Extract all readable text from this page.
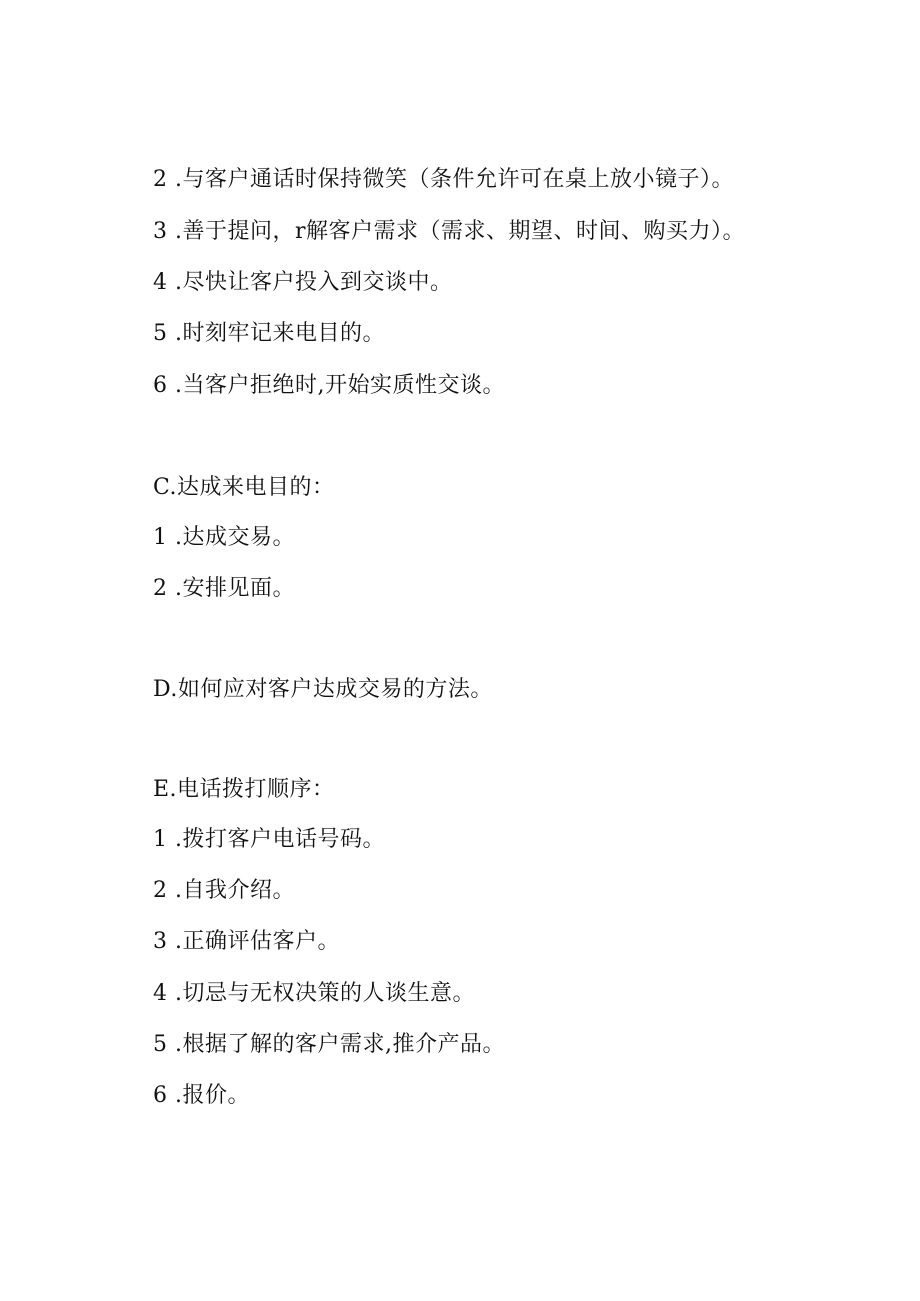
2 .与客户通话时保持微笑（条件允许可在桌上放小镜子）。
3 .善于提问，r解客户需求（需求、期望、时间、购买力）。
4 .尽快让客户投入到交谈中。
5 .时刻牢记来电目的。
6 .当客户拒绝时,开始实质性交谈。
C.达成来电目的：
1 .达成交易。
2 .安排见面。
D.如何应对客户达成交易的方法。
E.电话拨打顺序：
1 .拨打客户电话号码。
2 .自我介绍。
3 .正确评估客户。
4 .切忌与无权决策的人谈生意。
5 .根据了解的客户需求,推介产品。
6 .报价。
